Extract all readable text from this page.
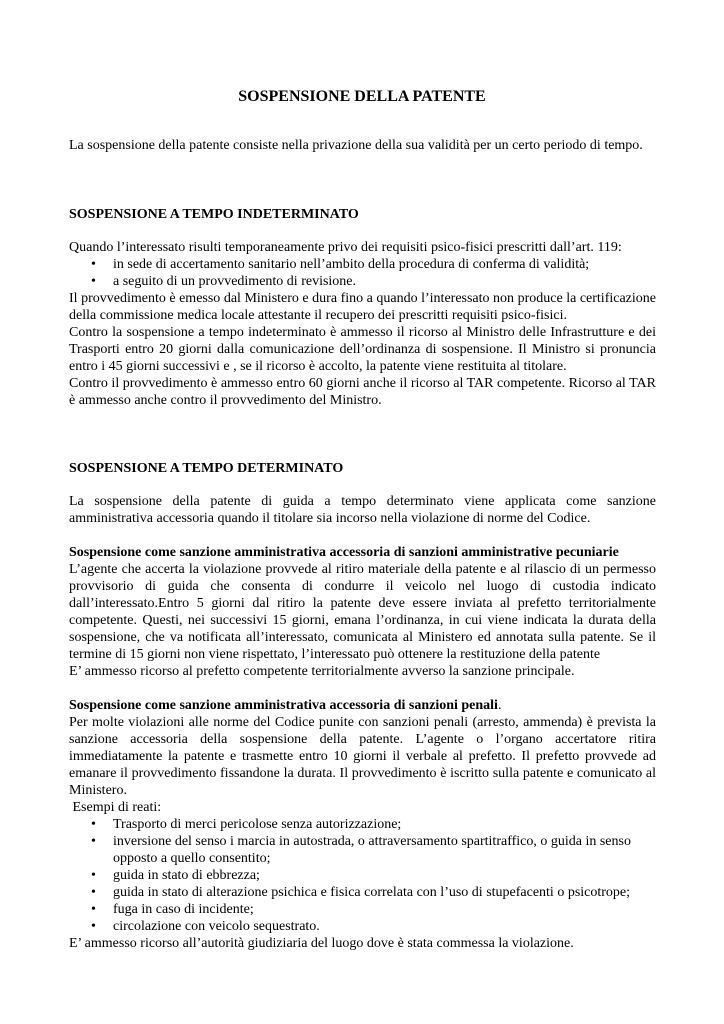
SOSPENSIONE DELLA PATENTE

La sospensione della patente consiste nella privazione della sua validità per un certo periodo di tempo.

SOSPENSIONE A TEMPO INDETERMINATO

Quando l’interessato risulti temporaneamente privo dei requisiti psico-fisici prescritti dall’art. 119:

• in sede di accertamento sanitario nell’ambito della procedura di conferma di validità;
• a seguito di un provvedimento di revisione.

Il provvedimento è emesso dal Ministero e dura fino a quando l’interessato non produce la certificazione della commissione medica locale attestante il recupero dei prescritti requisiti psico-fisici.

Contro la sospensione a tempo indeterminato è ammesso il ricorso al Ministro delle Infrastrutture e dei Trasporti entro 20 giorni dalla comunicazione dell’ordinanza di sospensione. Il Ministro si pronuncia entro i 45 giorni successivi e , se il ricorso è accolto, la patente viene restituita al titolare.

Contro il provvedimento è ammesso entro 60 giorni anche il ricorso al TAR competente. Ricorso al TAR è ammesso anche contro il provvedimento del Ministro.

SOSPENSIONE A TEMPO DETERMINATO

La sospensione della patente di guida a tempo determinato viene applicata come sanzione amministrativa accessoria quando il titolare sia incorso nella violazione di norme del Codice.

Sospensione come sanzione amministrativa accessoria di sanzioni amministrative pecuniarie

L’agente che accerta la violazione provvede al ritiro materiale della patente e al rilascio di un permesso provvisorio di guida che consenta di condurre il veicolo nel luogo di custodia indicato dall’interessato.Entro 5 giorni dal ritiro la patente deve essere inviata al prefetto territorialmente competente. Questi, nei successivi 15 giorni, emana l’ordinanza, in cui viene indicata la durata della sospensione, che va notificata all’interessato, comunicata al Ministero ed annotata sulla patente. Se il termine di 15 giorni non viene rispettato, l’interessato può ottenere la restituzione della patente

E’ ammesso ricorso al prefetto competente territorialmente avverso la sanzione principale.

Sospensione come sanzione amministrativa accessoria di sanzioni penali.

Per molte violazioni alle norme del Codice punite con sanzioni penali (arresto, ammenda) è prevista la sanzione accessoria della sospensione della patente. L’agente o l’organo accertatore ritira immediatamente la patente e trasmette entro 10 giorni il verbale al prefetto. Il prefetto provvede ad emanare il provvedimento fissandone la durata. Il provvedimento è iscritto sulla patente e comunicato al Ministero.

Esempi di reati:

• Trasporto di merci pericolose senza autorizzazione;
• inversione del senso i marcia in autostrada, o attraversamento spartitraffico, o guida in senso opposto a quello consentito;
• guida in stato di ebbrezza;
• guida in stato di alterazione psichica e fisica correlata con l’uso di stupefacenti o psicotrope;
• fuga in caso di incidente;
• circolazione con veicolo sequestrato.

E’ ammesso ricorso all’autorità giudiziaria del luogo dove è stata commessa la violazione.
